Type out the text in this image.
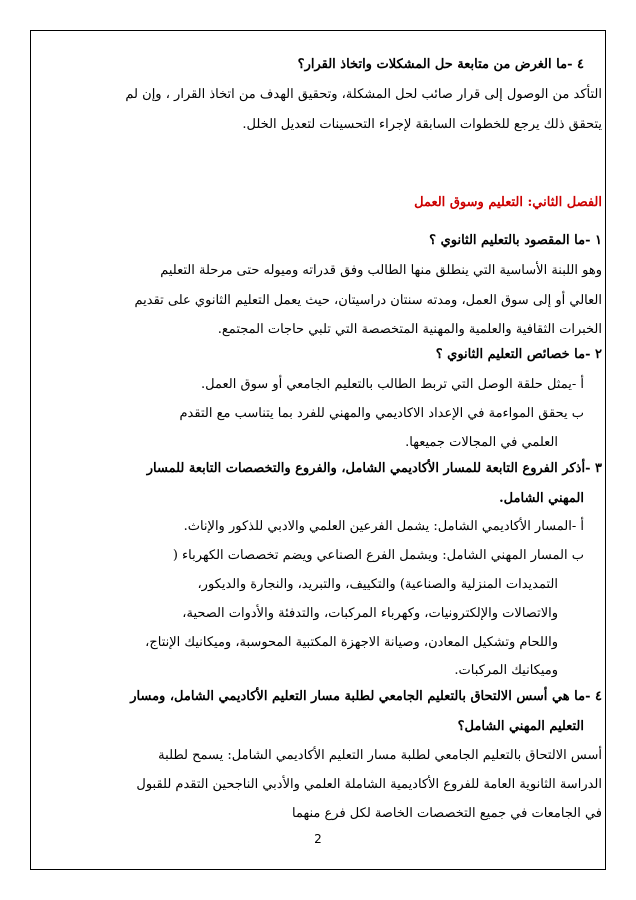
٤ -ما الغرض من متابعة حل المشكلات واتخاذ القرار؟
التأكد من الوصول إلى قرار صائب لحل المشكلة، وتحقيق الهدف من اتخاذ القرار ، وإن لم
يتحقق ذلك يرجع للخطوات السابقة لإجراء التحسينات لتعديل الخلل.
الفصل الثاني: التعليم وسوق العمل
١ -ما المقصود بالتعليم الثانوي ؟
وهو اللبنة الأساسية التي ينطلق منها الطالب وفق قدراته وميوله حتى مرحلة التعليم
العالي أو إلى سوق العمل، ومدته سنتان دراسيتان، حيث يعمل التعليم الثانوي على تقديم
الخبرات الثقافية والعلمية والمهنية المتخصصة التي تلبي حاجات المجتمع.
٢ -ما خصائص التعليم الثانوي ؟
أ -يمثل حلقة الوصل التي تربط الطالب بالتعليم الجامعي أو سوق العمل.
ب يحقق المواءمة في الإعداد الاكاديمي والمهني للفرد بما يتناسب مع التقدم
العلمي في المجالات جميعها.
٣ -أذكر الفروع التابعة للمسار الأكاديمي الشامل، والفروع والتخصصات التابعة للمسار
المهني الشامل.
أ -المسار الأكاديمي الشامل: يشمل الفرعين العلمي والادبي للذكور والإناث.
ب المسار المهني الشامل: ويشمل الفرع الصناعي ويضم تخصصات الكهرباء (
التمديدات المنزلية والصناعية) والتكييف، والتبريد، والنجارة والديكور،
والاتصالات والإلكترونيات، وكهرباء المركبات، والتدفئة والأدوات الصحية،
واللحام وتشكيل المعادن، وصيانة الاجهزة المكتبية المحوسبة، وميكانيك الإنتاج،
وميكانيك المركبات.
٤ -ما هي أسس الالتحاق بالتعليم الجامعي لطلبة مسار التعليم الأكاديمي الشامل، ومسار
التعليم المهني الشامل؟
أسس الالتحاق بالتعليم الجامعي لطلبة مسار التعليم الأكاديمي الشامل: يسمح لطلبة
الدراسة الثانوية العامة للفروع الأكاديمية الشاملة العلمي والأدبي الناجحين التقدم للقبول
في الجامعات في جميع التخصصات الخاصة لكل فرع منهما
2
